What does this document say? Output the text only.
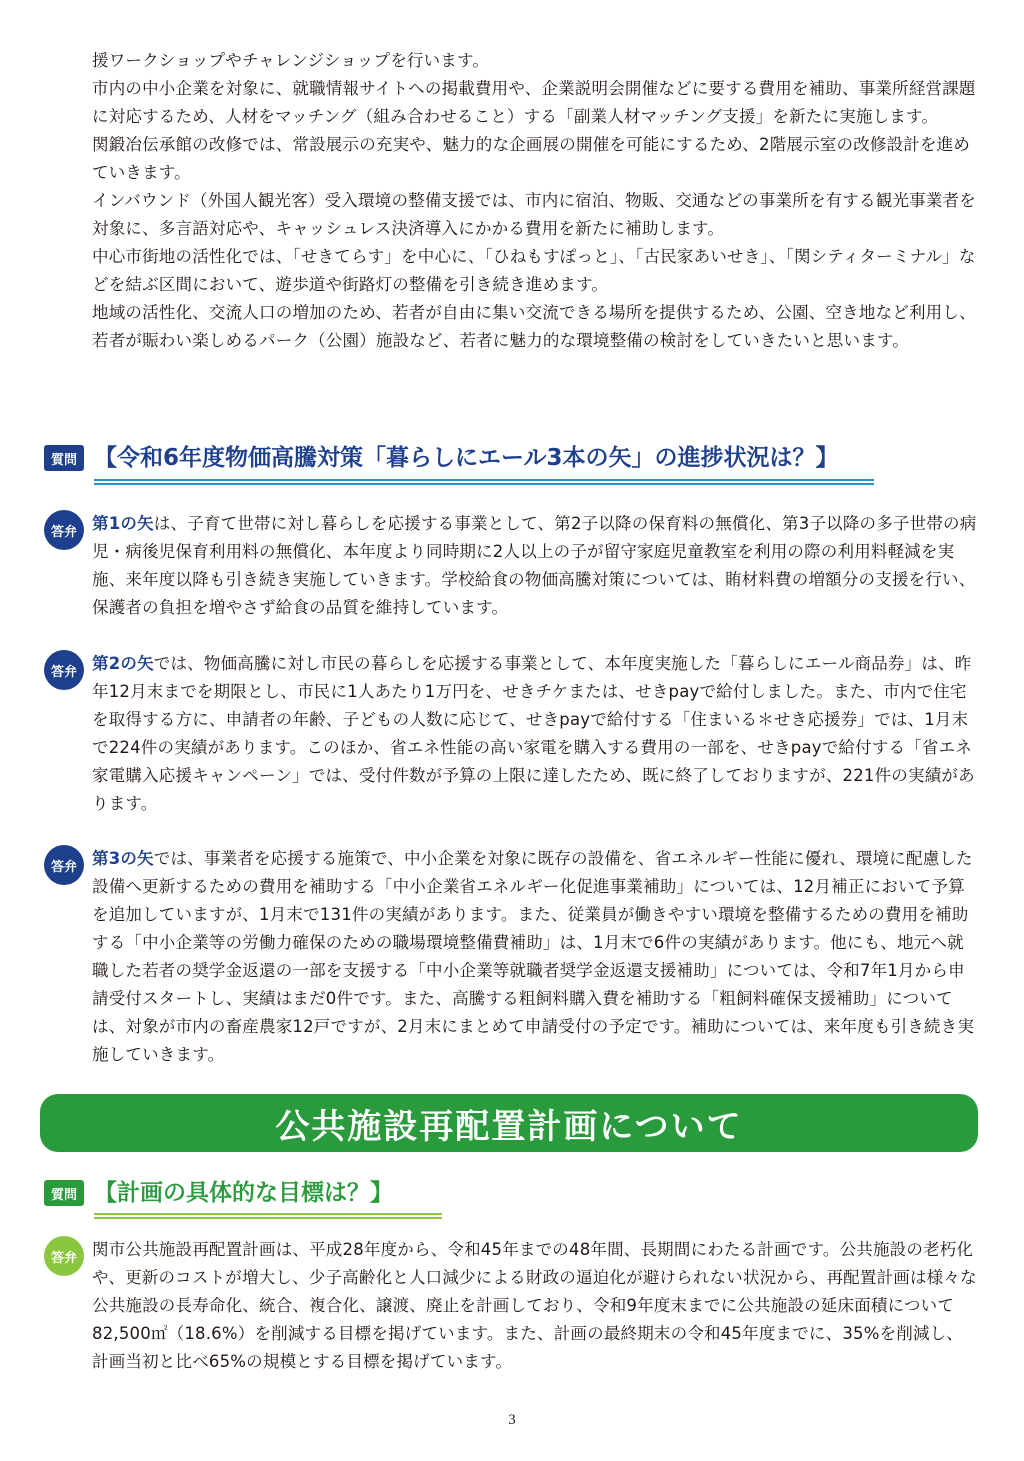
援ワークショップやチャレンジショップを行います。

市内の中小企業を対象に、就職情報サイトへの掲載費用や、企業説明会開催などに要する費用を補助、事業所経営課題に対応するため、人材をマッチング（組み合わせること）する「副業人材マッチング支援」を新たに実施します。

関鍛冶伝承館の改修では、常設展示の充実や、魅力的な企画展の開催を可能にするため、2階展示室の改修設計を進めていきます。

インバウンド（外国人観光客）受入環境の整備支援では、市内に宿泊、物販、交通などの事業所を有する観光事業者を対象に、多言語対応や、キャッシュレス決済導入にかかる費用を新たに補助します。

中心市街地の活性化では、「せきてらす」を中心に、「ひねもすぽっと」、「古民家あいせき」、「関シティターミナル」などを結ぶ区間において、遊歩道や街路灯の整備を引き続き進めます。

地域の活性化、交流人口の増加のため、若者が自由に集い交流できる場所を提供するため、公園、空き地など利用し、若者が賑わい楽しめるパーク（公園）施設など、若者に魅力的な環境整備の検討をしていきたいと思います。

質問 【令和6年度物価高騰対策「暮らしにエール3本の矢」の進捗状況は？】
答弁 第1の矢は、子育て世帯に対し暮らしを応援する事業として、第2子以降の保育料の無償化、第3子以降の多子世帯の病児・病後児保育利用料の無償化、本年度より同時期に2人以上の子が留守家庭児童教室を利用の際の利用料軽減を実施、来年度以降も引き続き実施していきます。学校給食の物価高騰対策については、賄材料費の増額分の支援を行い、保護者の負担を増やさず給食の品質を維持しています。

答弁 第2の矢では、物価高騰に対し市民の暮らしを応援する事業として、本年度実施した「暮らしにエール商品券」は、昨年12月末までを期限とし、市民に1人あたり1万円を、せきチケまたは、せきpayで給付しました。また、市内で住宅を取得する方に、申請者の年齢、子どもの人数に応じて、せきpayで給付する「住まいる＊せき応援券」では、1月末で224件の実績があります。このほか、省エネ性能の高い家電を購入する費用の一部を、せきpayで給付する「省エネ家電購入応援キャンペーン」では、受付件数が予算の上限に達したため、既に終了しておりますが、221件の実績があります。

答弁 第3の矢では、事業者を応援する施策で、中小企業を対象に既存の設備を、省エネルギー性能に優れ、環境に配慮した設備へ更新するための費用を補助する「中小企業省エネルギー化促進事業補助」については、12月補正において予算を追加していますが、1月末で131件の実績があります。また、従業員が働きやすい環境を整備するための費用を補助する「中小企業等の労働力確保のための職場環境整備費補助」は、1月末で6件の実績があります。他にも、地元へ就職した若者の奨学金返還の一部を支援する「中小企業等就職者奨学金返還支援補助」については、令和7年1月から申請受付スタートし、実績はまだ0件です。また、高騰する粗飼料購入費を補助する「粗飼料確保支援補助」については、対象が市内の畜産農家12戸ですが、2月末にまとめて申請受付の予定です。補助については、来年度も引き続き実施していきます。

公共施設再配置計画について
質問 【計画の具体的な目標は？】
答弁 関市公共施設再配置計画は、平成28年度から、令和45年までの48年間、長期間にわたる計画です。公共施設の老朽化や、更新のコストが増大し、少子高齢化と人口減少による財政の逼迫化が避けられない状況から、再配置計画は様々な公共施設の長寿命化、統合、複合化、譲渡、廃止を計画しており、令和9年度末までに公共施設の延床面積について82,500㎡（18.6%）を削減する目標を掲げています。また、計画の最終期末の令和45年度までに、35%を削減し、計画当初と比べ65%の規模とする目標を掲げています。

3
